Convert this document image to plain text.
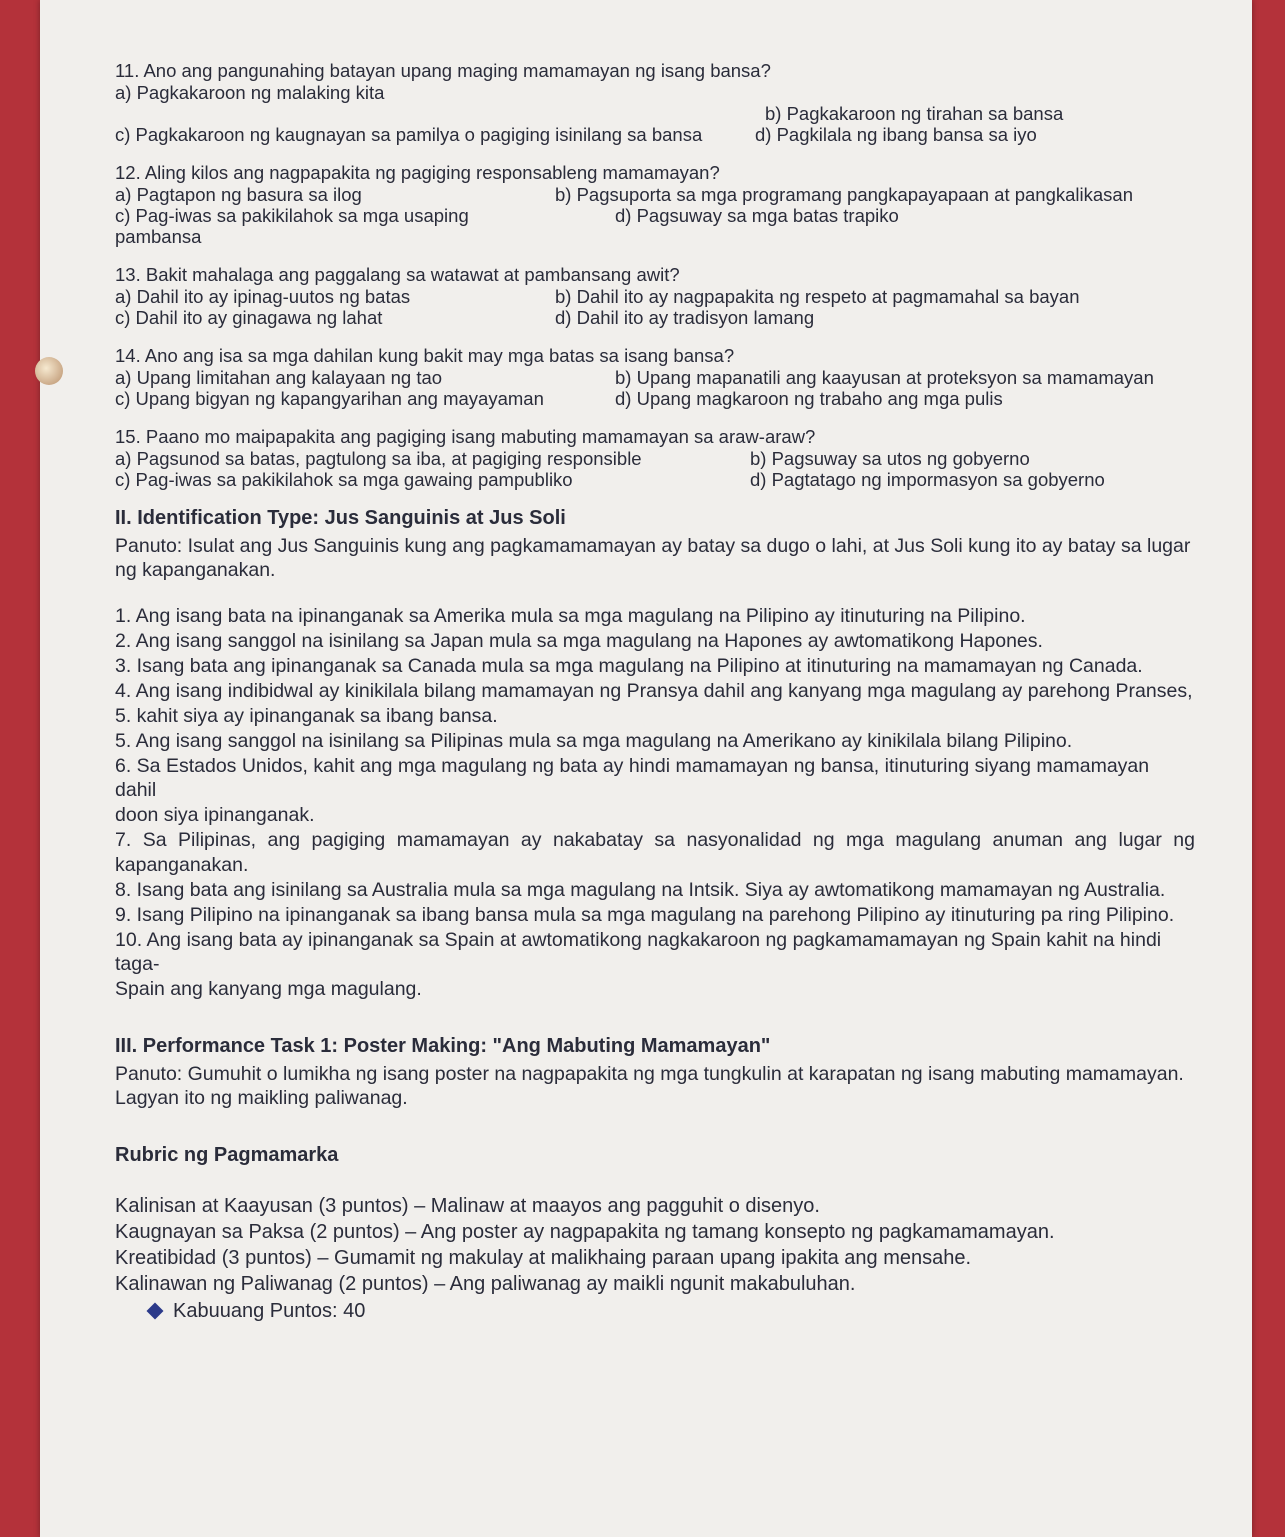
11. Ano ang pangunahing batayan upang maging mamamayan ng isang bansa?
a) Pagkakaroon ng malaking kita
b) Pagkakaroon ng tirahan sa bansa
c) Pagkakaroon ng kaugnayan sa pamilya o pagiging isinilang sa bansa	d) Pagkilala ng ibang bansa sa iyo
12. Aling kilos ang nagpapakita ng pagiging responsableng mamamayan?
a) Pagtapon ng basura sa ilog	b) Pagsuporta sa mga programang pangkapayapaan at pangkalikasan
c) Pag-iwas sa pakikilahok sa mga usaping pambansa
d) Pagsuway sa mga batas trapiko
13. Bakit mahalaga ang paggalang sa watawat at pambansang awit?
a) Dahil ito ay ipinag-uutos ng batas	b) Dahil ito ay nagpapakita ng respeto at pagmamahal sa bayan
c) Dahil ito ay ginagawa ng lahat	d) Dahil ito ay tradisyon lamang
14. Ano ang isa sa mga dahilan kung bakit may mga batas sa isang bansa?
a) Upang limitahan ang kalayaan ng tao	b) Upang mapanatili ang kaayusan at proteksyon sa mamamayan
c) Upang bigyan ng kapangyarihan ang mayayaman	d) Upang magkaroon ng trabaho ang mga pulis
15. Paano mo maipapakita ang pagiging isang mabuting mamamayan sa araw-araw?
a) Pagsunod sa batas, pagtulong sa iba, at pagiging responsible	b) Pagsuway sa utos ng gobyerno
c) Pag-iwas sa pakikilahok sa mga gawaing pampubliko	d) Pagtatago ng impormasyon sa gobyerno
II. Identification Type: Jus Sanguinis at Jus Soli
Panuto: Isulat ang Jus Sanguinis kung ang pagkamamamayan ay batay sa dugo o lahi, at Jus Soli kung ito ay batay sa lugar ng kapanganakan.
1. Ang isang bata na ipinanganak sa Amerika mula sa mga magulang na Pilipino ay itinuturing na Pilipino.
2. Ang isang sanggol na isinilang sa Japan mula sa mga magulang na Hapones ay awtomatikong Hapones.
3. Isang bata ang ipinanganak sa Canada mula sa mga magulang na Pilipino at itinuturing na mamamayan ng Canada.
4. Ang isang indibidwal ay kinikilala bilang mamamayan ng Pransya dahil ang kanyang mga magulang ay parehong Pranses,
5. kahit siya ay ipinanganak sa ibang bansa.
5. Ang isang sanggol na isinilang sa Pilipinas mula sa mga magulang na Amerikano ay kinikilala bilang Pilipino.
6. Sa Estados Unidos, kahit ang mga magulang ng bata ay hindi mamamayan ng bansa, itinuturing siyang mamamayan dahil
doon siya ipinanganak.
7. Sa Pilipinas, ang pagiging mamamayan ay nakabatay sa nasyonalidad ng mga magulang anuman ang lugar ng
kapanganakan.
8. Isang bata ang isinilang sa Australia mula sa mga magulang na Intsik. Siya ay awtomatikong mamamayan ng Australia.
9. Isang Pilipino na ipinanganak sa ibang bansa mula sa mga magulang na parehong Pilipino ay itinuturing pa ring Pilipino.
10. Ang isang bata ay ipinanganak sa Spain at awtomatikong nagkakaroon ng pagkamamamayan ng Spain kahit na hindi taga-
Spain ang kanyang mga magulang.
III. Performance Task 1: Poster Making: "Ang Mabuting Mamamayan"
Panuto: Gumuhit o lumikha ng isang poster na nagpapakita ng mga tungkulin at karapatan ng isang mabuting mamamayan. Lagyan ito ng maikling paliwanag.
Rubric ng Pagmamarka
Kalinisan at Kaayusan (3 puntos) – Malinaw at maayos ang pagguhit o disenyo.
Kaugnayan sa Paksa (2 puntos) – Ang poster ay nagpapakita ng tamang konsepto ng pagkamamamayan.
Kreatibidad (3 puntos) – Gumamit ng makulay at malikhaing paraan upang ipakita ang mensahe.
Kalinawan ng Paliwanag (2 puntos) – Ang paliwanag ay maikli ngunit makabuluhan.
Kabuuang Puntos: 40
